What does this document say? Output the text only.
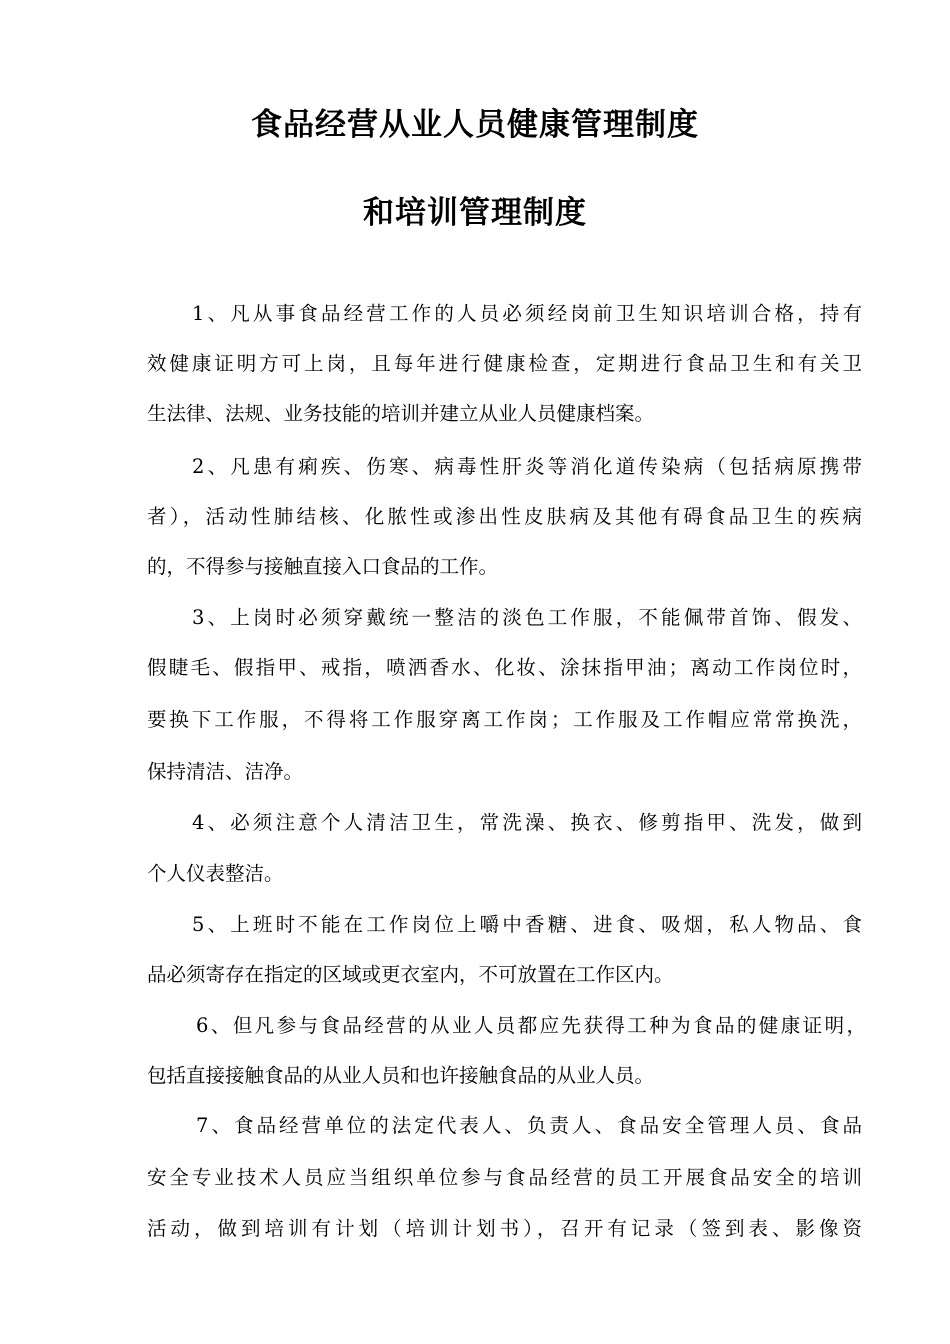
食品经营从业人员健康管理制度
和培训管理制度
1、凡从事食品经营工作的人员必须经岗前卫生知识培训合格，持有
效健康证明方可上岗，且每年进行健康检查，定期进行食品卫生和有关卫
生法律、法规、业务技能的培训并建立从业人员健康档案。
2、凡患有痢疾、伤寒、病毒性肝炎等消化道传染病（包括病原携带
者），活动性肺结核、化脓性或渗出性皮肤病及其他有碍食品卫生的疾病
的，不得参与接触直接入口食品的工作。
3、上岗时必须穿戴统一整洁的淡色工作服，不能佩带首饰、假发、
假睫毛、假指甲、戒指，喷洒香水、化妆、涂抹指甲油；离动工作岗位时，
要换下工作服，不得将工作服穿离工作岗；工作服及工作帽应常常换洗，
保持清洁、洁净。
4、必须注意个人清洁卫生，常洗澡、换衣、修剪指甲、洗发，做到
个人仪表整洁。
5、上班时不能在工作岗位上嚼中香糖、进食、吸烟，私人物品、食
品必须寄存在指定的区域或更衣室内，不可放置在工作区内。
6、但凡参与食品经营的从业人员都应先获得工种为食品的健康证明，
包括直接接触食品的从业人员和也许接触食品的从业人员。
7、食品经营单位的法定代表人、负责人、食品安全管理人员、食品
安全专业技术人员应当组织单位参与食品经营的员工开展食品安全的培训
活动，做到培训有计划（培训计划书），召开有记录（签到表、影像资
